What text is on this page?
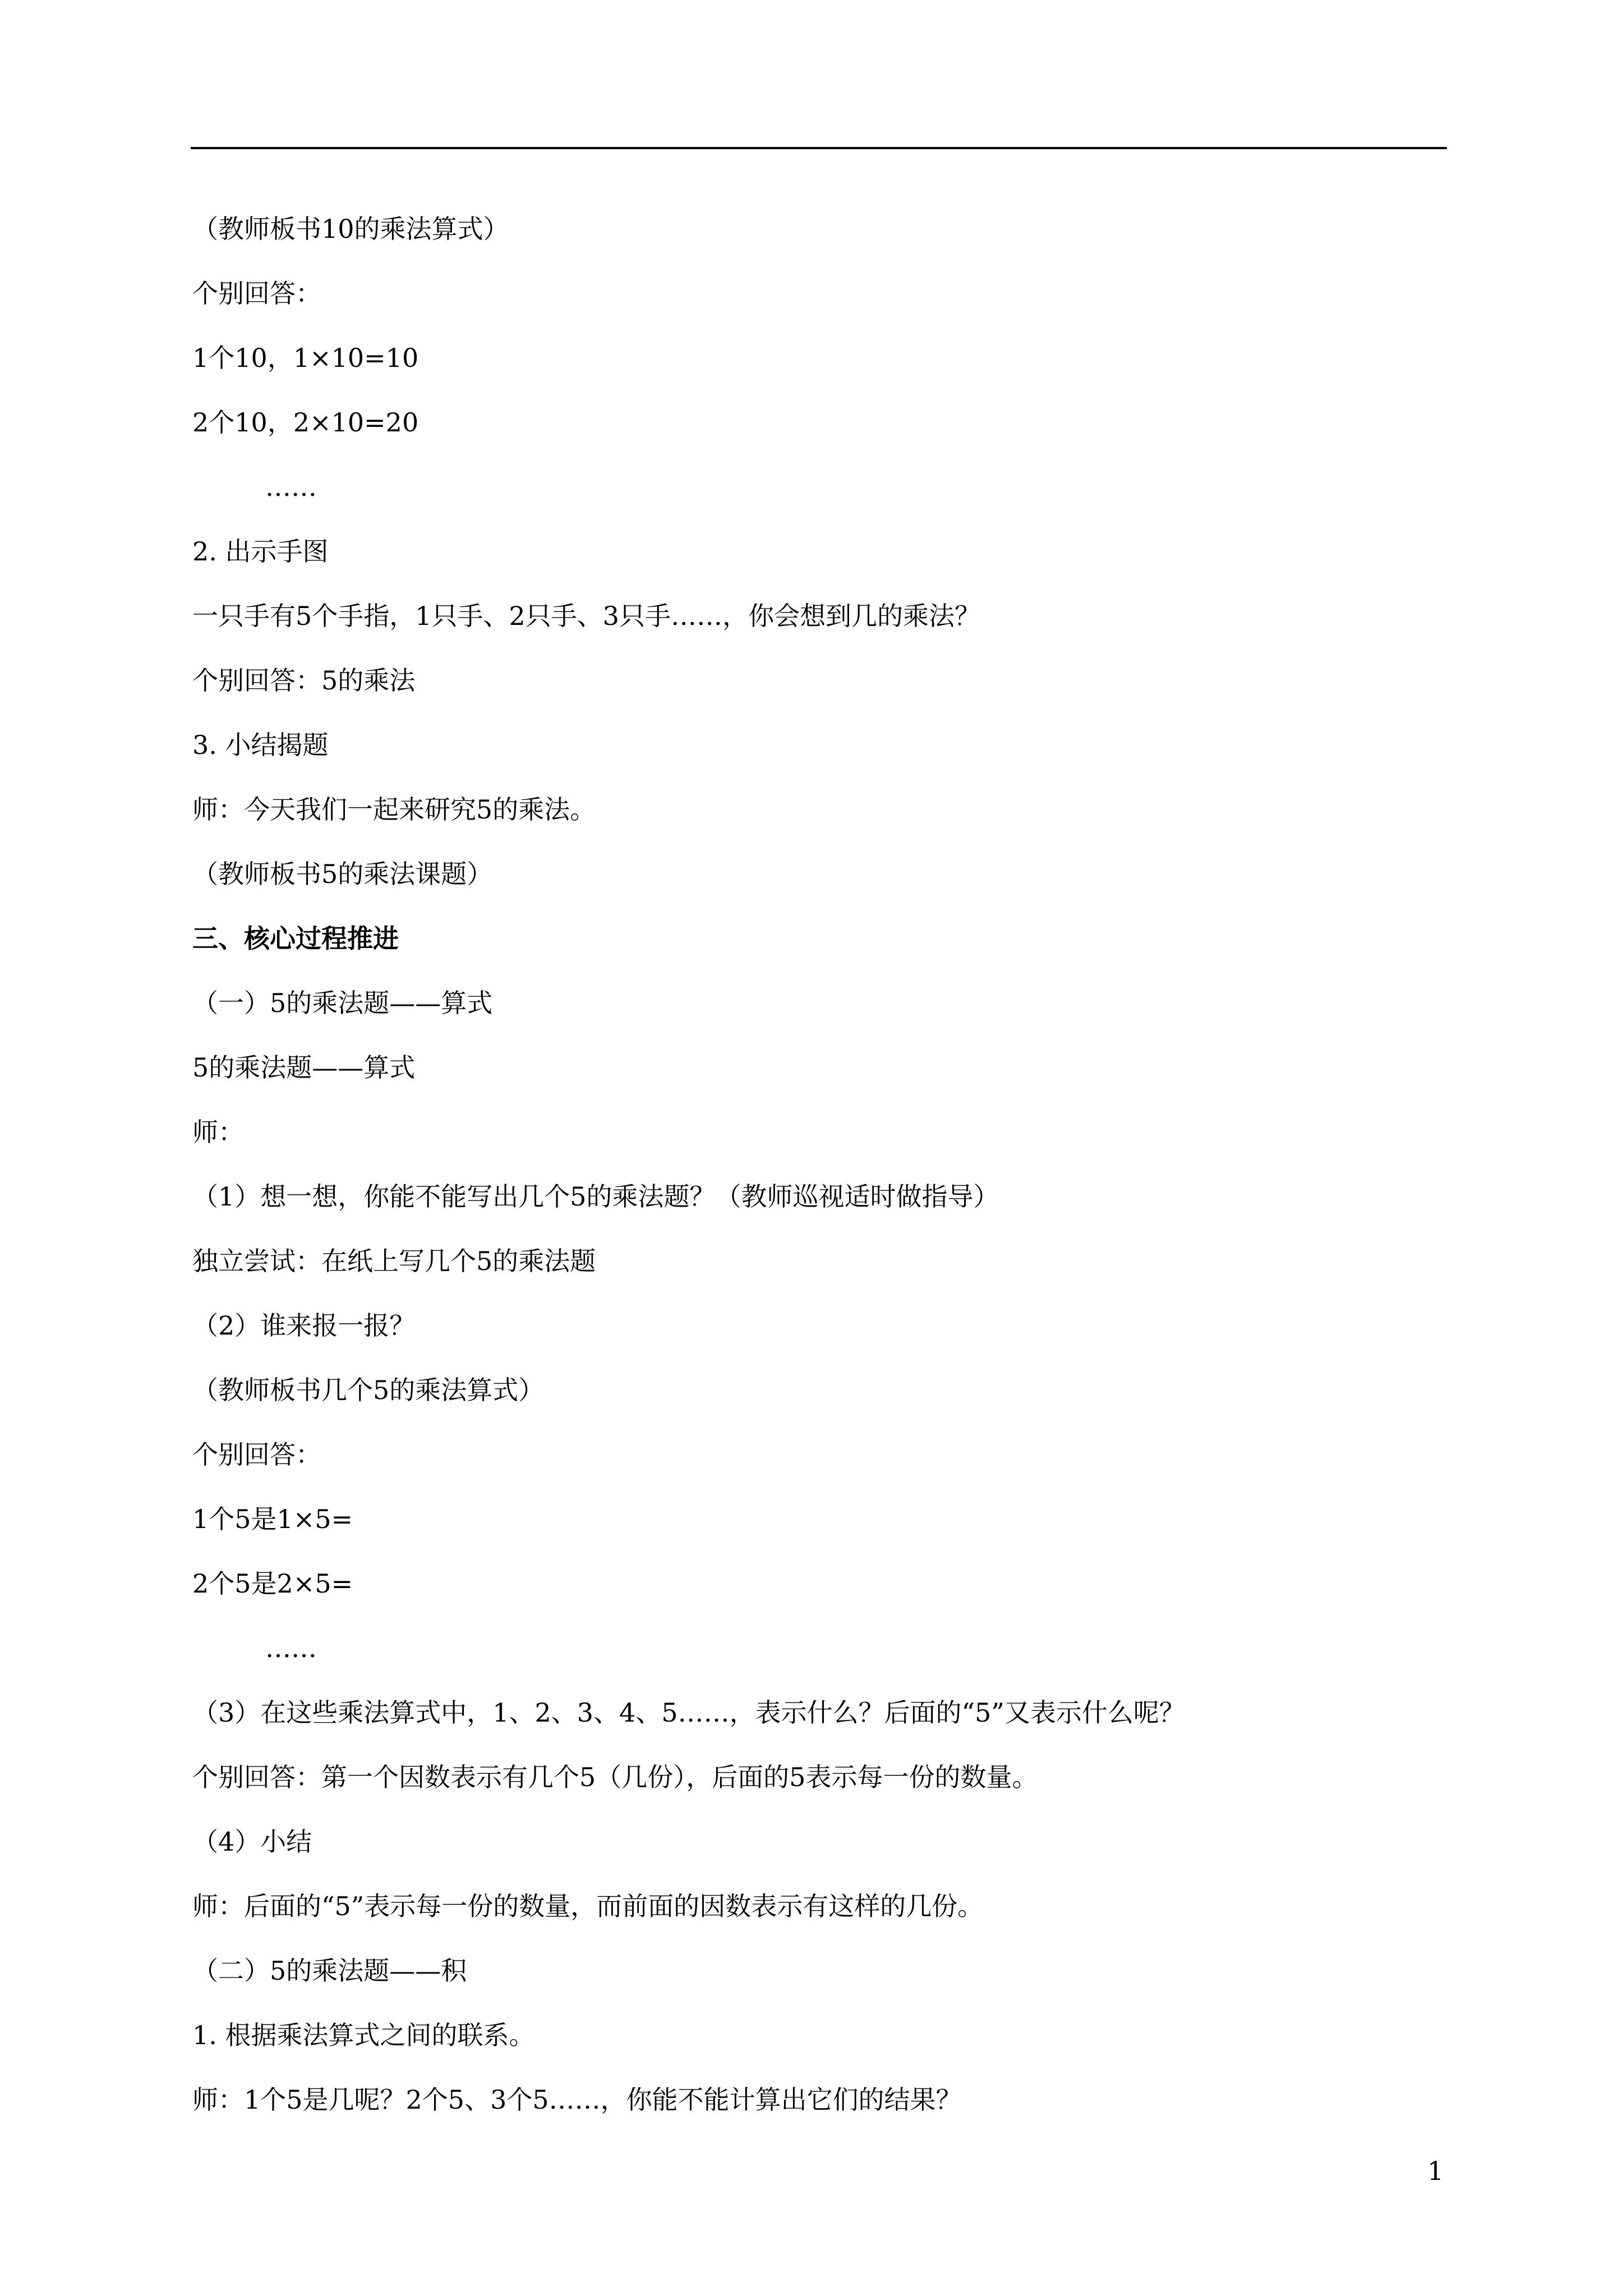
（教师板书10的乘法算式）
个别回答：
1个10，1×10=10
2个10，2×10=20
……
2. 出示手图
一只手有5个手指，1只手、2只手、3只手……，你会想到几的乘法？
个别回答：5的乘法
3. 小结揭题
师：今天我们一起来研究5的乘法。
（教师板书5的乘法课题）
三、核心过程推进
（一）5的乘法题——算式
5的乘法题——算式
师：
（1）想一想，你能不能写出几个5的乘法题？（教师巡视适时做指导）
独立尝试：在纸上写几个5的乘法题
（2）谁来报一报？
（教师板书几个5的乘法算式）
个别回答：
1个5是1×5=
2个5是2×5=
……
（3）在这些乘法算式中，1、2、3、4、5……，表示什么？后面的“5”又表示什么呢？
个别回答：第一个因数表示有几个5（几份），后面的5表示每一份的数量。
（4）小结
师：后面的“5”表示每一份的数量，而前面的因数表示有这样的几份。
（二）5的乘法题——积
1. 根据乘法算式之间的联系。
师：1个5是几呢？2个5、3个5……，你能不能计算出它们的结果？
1
